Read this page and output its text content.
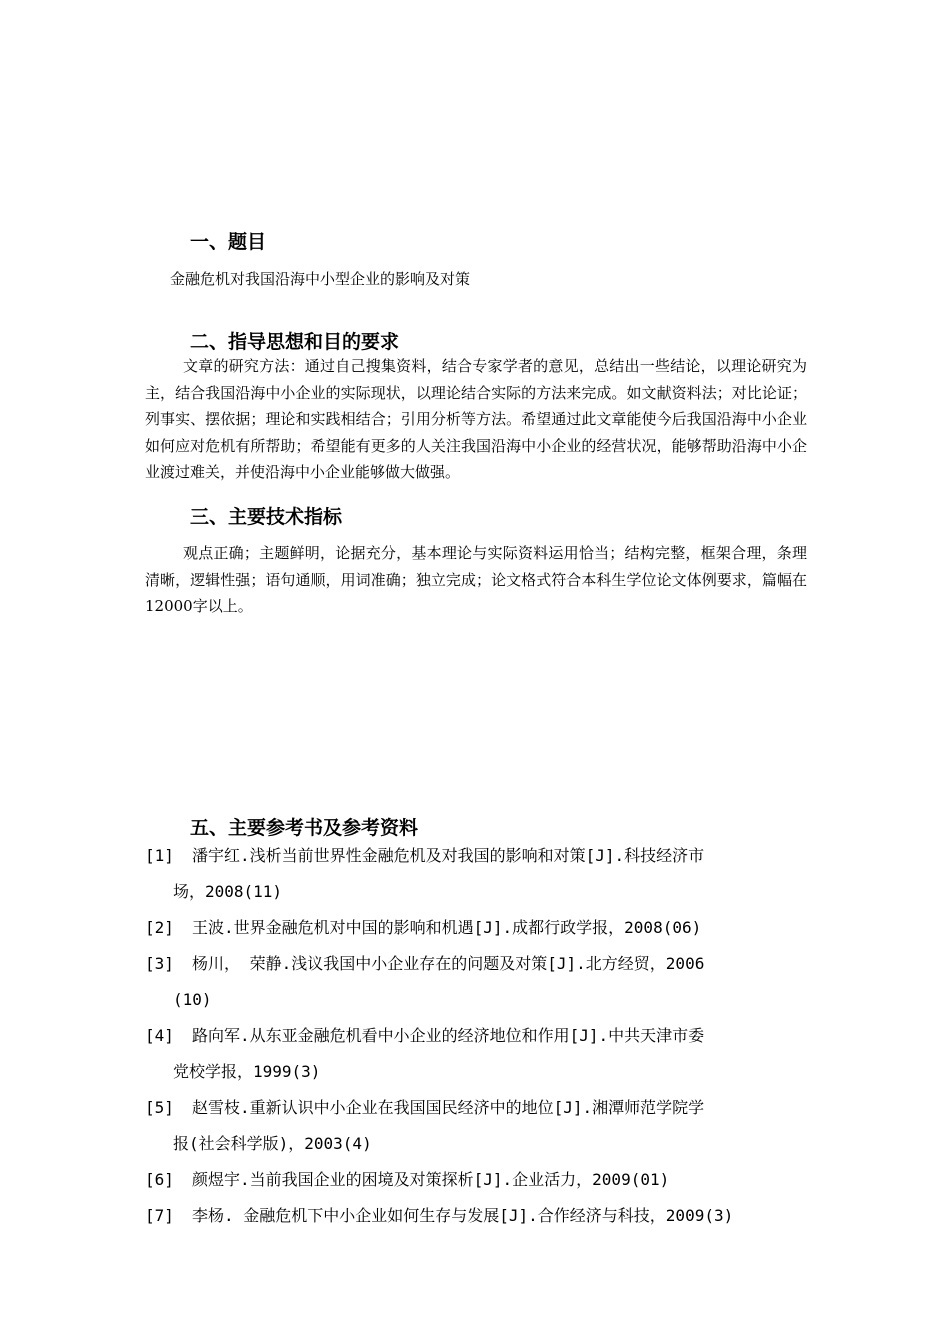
一、题目
金融危机对我国沿海中小型企业的影响及对策
二、指导思想和目的要求
文章的研究方法：通过自己搜集资料，结合专家学者的意见，总结出一些结论，以理论研究为主，结合我国沿海中小企业的实际现状，以理论结合实际的方法来完成。如文献资料法；对比论证；列事实、摆依据；理论和实践相结合；引用分析等方法。希望通过此文章能使今后我国沿海中小企业如何应对危机有所帮助；希望能有更多的人关注我国沿海中小企业的经营状况，能够帮助沿海中小企业渡过难关，并使沿海中小企业能够做大做强。
三、主要技术指标
观点正确；主题鲜明，论据充分，基本理论与实际资料运用恰当；结构完整，框架合理，条理清晰，逻辑性强；语句通顺，用词准确；独立完成；论文格式符合本科生学位论文体例要求，篇幅在12000字以上。
五、主要参考书及参考资料
[1]	潘宇红.浅析当前世界性金融危机及对我国的影响和对策[J].科技经济市
场，2008(11)
[2]	王波.世界金融危机对中国的影响和机遇[J].成都行政学报，2008(06)
[3]	杨川， 荣静.浅议我国中小企业存在的问题及对策[J].北方经贸，2006
(10)
[4]	路向军.从东亚金融危机看中小企业的经济地位和作用[J].中共天津市委
党校学报，1999(3)
[5]	赵雪枝.重新认识中小企业在我国国民经济中的地位[J].湘潭师范学院学
报(社会科学版)，2003(4)
[6]	颜煜宇.当前我国企业的困境及对策探析[J].企业活力，2009(01)
[7]	李杨. 金融危机下中小企业如何生存与发展[J].合作经济与科技，2009(3)
